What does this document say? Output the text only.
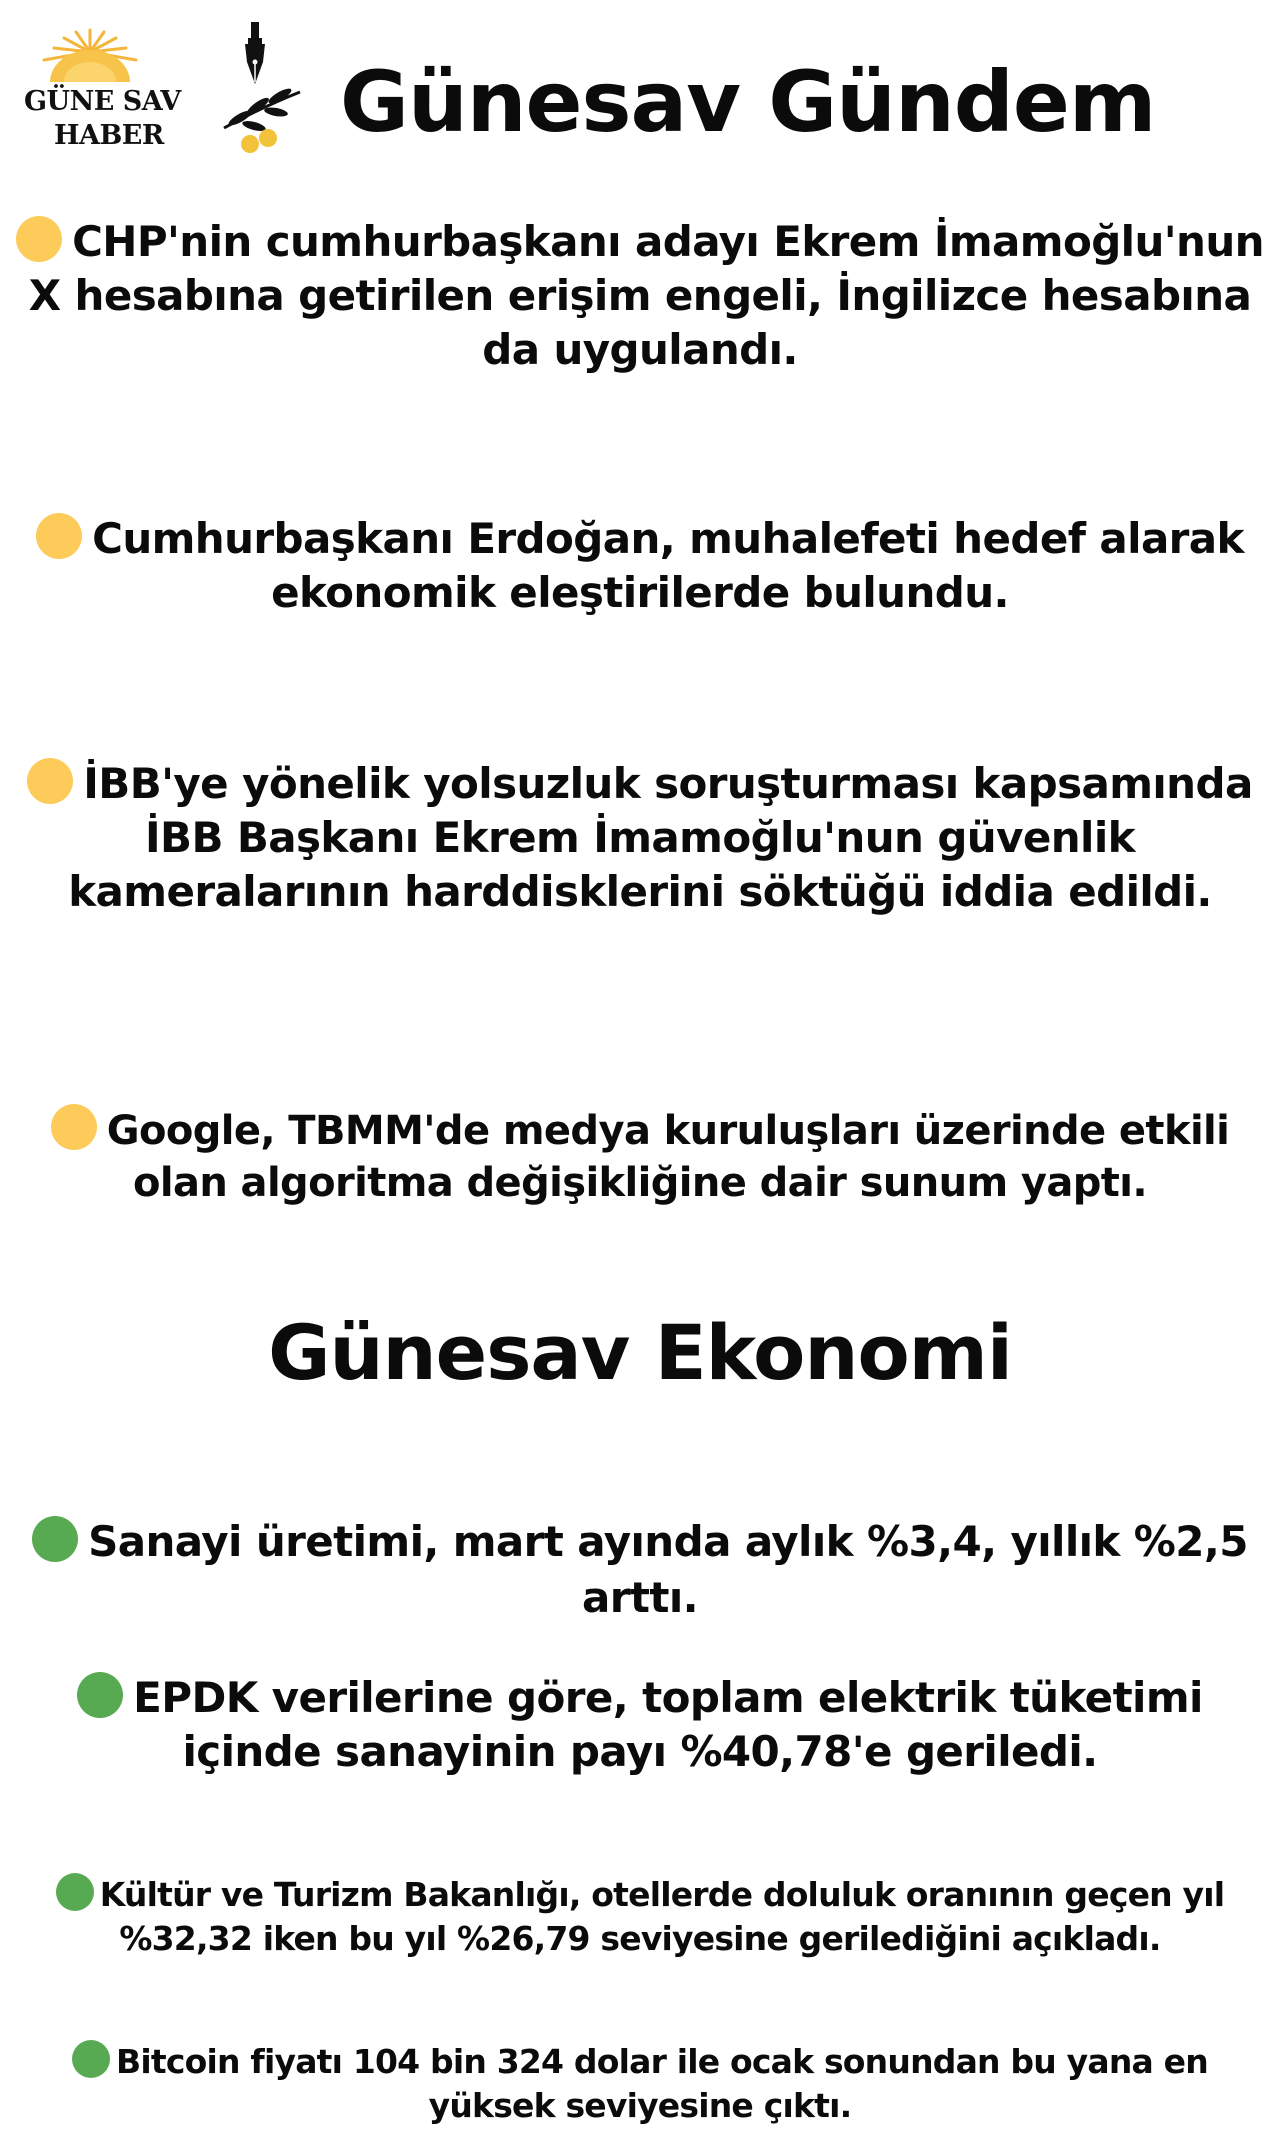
GÜNE SAV
HABER Günesav Gündem

CHP'nin cumhurbaşkanı adayı Ekrem İmamoğlu'nun X hesabına getirilen erişim engeli, İngilizce hesabına da uygulandı.

Cumhurbaşkanı Erdoğan, muhalefeti hedef alarak ekonomik eleştirilerde bulundu.

İBB'ye yönelik yolsuzluk soruşturması kapsamında İBB Başkanı Ekrem İmamoğlu'nun güvenlik kameralarının harddisklerini söktüğü iddia edildi.

Google, TBMM'de medya kuruluşları üzerinde etkili olan algoritma değişikliğine dair sunum yaptı.

Günesav Ekonomi

Sanayi üretimi, mart ayında aylık %3,4, yıllık %2,5 arttı.

EPDK verilerine göre, toplam elektrik tüketimi içinde sanayinin payı %40,78'e geriledi.

Kültür ve Turizm Bakanlığı, otellerde doluluk oranının geçen yıl %32,32 iken bu yıl %26,79 seviyesine gerilediğini açıkladı.

Bitcoin fiyatı 104 bin 324 dolar ile ocak sonundan bu yana en yüksek seviyesine çıktı.
